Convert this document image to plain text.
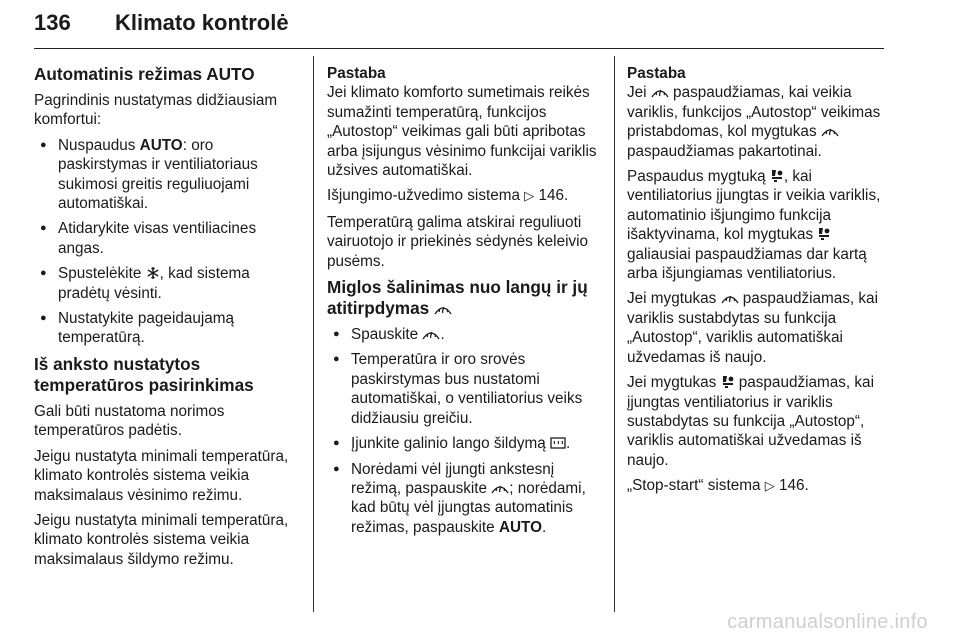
136 Klimato kontrolė
Automatinis režimas AUTO

Pagrindinis nustatymas didžiausiam komfortui:

● Nuspaudus AUTO: oro paskirstymas ir ventiliatoriaus sukimosi greitis reguliuojami automatiškai.
● Atidarykite visas ventiliacines angas.
● Spustelėkite , kad sistema pradėtų vėsinti.
● Nustatykite pageidaujamą temperatūrą.
Iš anksto nustatytos temperatūros pasirinkimas

Gali būti nustatoma norimos temperatūros padėtis.

Jeigu nustatyta minimali temperatūra, klimato kontrolės sistema veikia maksimalaus vėsinimo režimu.

Jeigu nustatyta minimali temperatūra, klimato kontrolės sistema veikia maksimalaus šildymo režimu.

Pastaba

Jei klimato komforto sumetimais reikės sumažinti temperatūrą, funkcijos „Autostop“ veikimas gali būti apribotas arba įsijungus vėsinimo funkcijai variklis užsives automatiškai.

Išjungimo-užvedimo sistema ▷ 146.

Temperatūrą galima atskirai reguliuoti vairuotojo ir priekinės sėdynės keleivio pusėms.

Miglos šalinimas nuo langų ir jų atitirpdymas
● Spauskite .
● Temperatūra ir oro srovės paskirstymas bus nustatomi automatiškai, o ventiliatorius veiks didžiausiu greičiu.
● Įjunkite galinio lango šildymą .
● Norėdami vėl įjungti ankstesnį režimą, paspauskite ; norėdami, kad būtų vėl įjungtas automatinis režimas, paspauskite AUTO.
Pastaba

Jei  paspaudžiamas, kai veikia variklis, funkcijos „Autostop“ veikimas pristabdomas, kol mygtukas  paspaudžiamas pakartotinai.

Paspaudus mygtuką , kai ventiliatorius įjungtas ir veikia variklis, automatinio išjungimo funkcija išaktyvinama, kol mygtukas  galiausiai paspaudžiamas dar kartą arba išjungiamas ventiliatorius.

Jei mygtukas  paspaudžiamas, kai variklis sustabdytas su funkcija „Autostop“, variklis automatiškai užvedamas iš naujo.

Jei mygtukas  paspaudžiamas, kai įjungtas ventiliatorius ir variklis sustabdytas su funkcija „Autostop“, variklis automatiškai užvedamas iš naujo.

„Stop-start“ sistema ▷ 146.

carmanualsonline.info
